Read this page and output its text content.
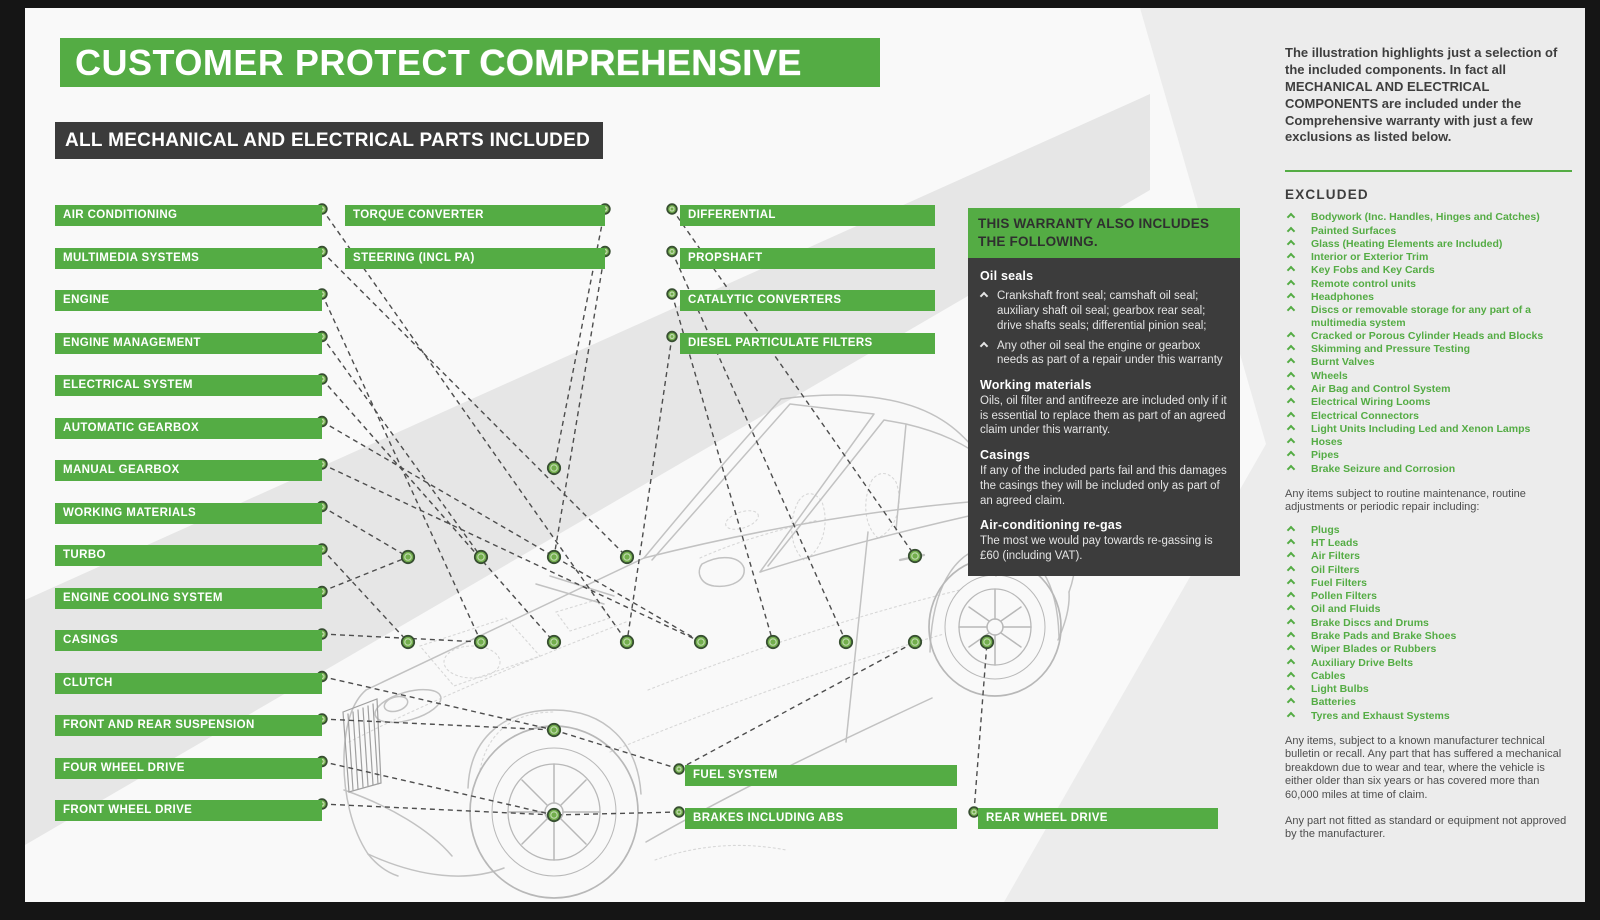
CUSTOMER PROTECT COMPREHENSIVE
ALL MECHANICAL AND ELECTRICAL PARTS INCLUDED
AIR CONDITIONING
MULTIMEDIA SYSTEMS
ENGINE
ENGINE MANAGEMENT
ELECTRICAL SYSTEM
AUTOMATIC GEARBOX
MANUAL GEARBOX
WORKING MATERIALS
TURBO
ENGINE COOLING SYSTEM
CASINGS
CLUTCH
FRONT AND REAR SUSPENSION
FOUR WHEEL DRIVE
FRONT WHEEL DRIVE
TORQUE CONVERTER
STEERING (INCL PA)
DIFFERENTIAL
PROPSHAFT
CATALYTIC CONVERTERS
DIESEL PARTICULATE FILTERS
FUEL SYSTEM
BRAKES INCLUDING ABS	REAR WHEEL DRIVE
THIS WARRANTY ALSO INCLUDES THE FOLLOWING.
Oil seals
Crankshaft front seal; camshaft oil seal; auxiliary shaft oil seal; gearbox rear seal; drive shafts seals; differential pinion seal;
Any other oil seal the engine or gearbox needs as part of a repair under this warranty
Working materials

Oils, oil filter and antifreeze are included only if it is essential to replace them as part of an agreed claim under this warranty.

Casings

If any of the included parts fail and this damages the casings they will be included only as part of an agreed claim.

Air-conditioning re-gas

The most we would pay towards re-gassing is £60 (including VAT).

The illustration highlights just a selection of the included components. In fact all MECHANICAL AND ELECTRICAL COMPONENTS are included under the Comprehensive warranty with just a few exclusions as listed below.

EXCLUDED
Bodywork (Inc. Handles, Hinges and Catches)
Painted Surfaces
Glass (Heating Elements are Included)
Interior or Exterior Trim
Key Fobs and Key Cards
Remote control units
Headphones
Discs or removable storage for any part of a multimedia system
Cracked or Porous Cylinder Heads and Blocks
Skimming and Pressure Testing
Burnt Valves
Wheels
Air Bag and Control System
Electrical Wiring Looms
Electrical Connectors
Light Units Including Led and Xenon Lamps
Hoses
Pipes
Brake Seizure and Corrosion

Any items subject to routine maintenance, routine adjustments or periodic repair including:

Plugs
HT Leads
Air Filters
Oil Filters
Fuel Filters
Pollen Filters
Oil and Fluids
Brake Discs and Drums
Brake Pads and Brake Shoes
Wiper Blades or Rubbers
Auxiliary Drive Belts
Cables
Light Bulbs
Batteries
Tyres and Exhaust Systems

Any items, subject to a known manufacturer technical bulletin or recall. Any part that has suffered a mechanical breakdown due to wear and tear, where the vehicle is either older than six years or has covered more than 60,000 miles at time of claim.

Any part not fitted as standard or equipment not approved by the manufacturer.
